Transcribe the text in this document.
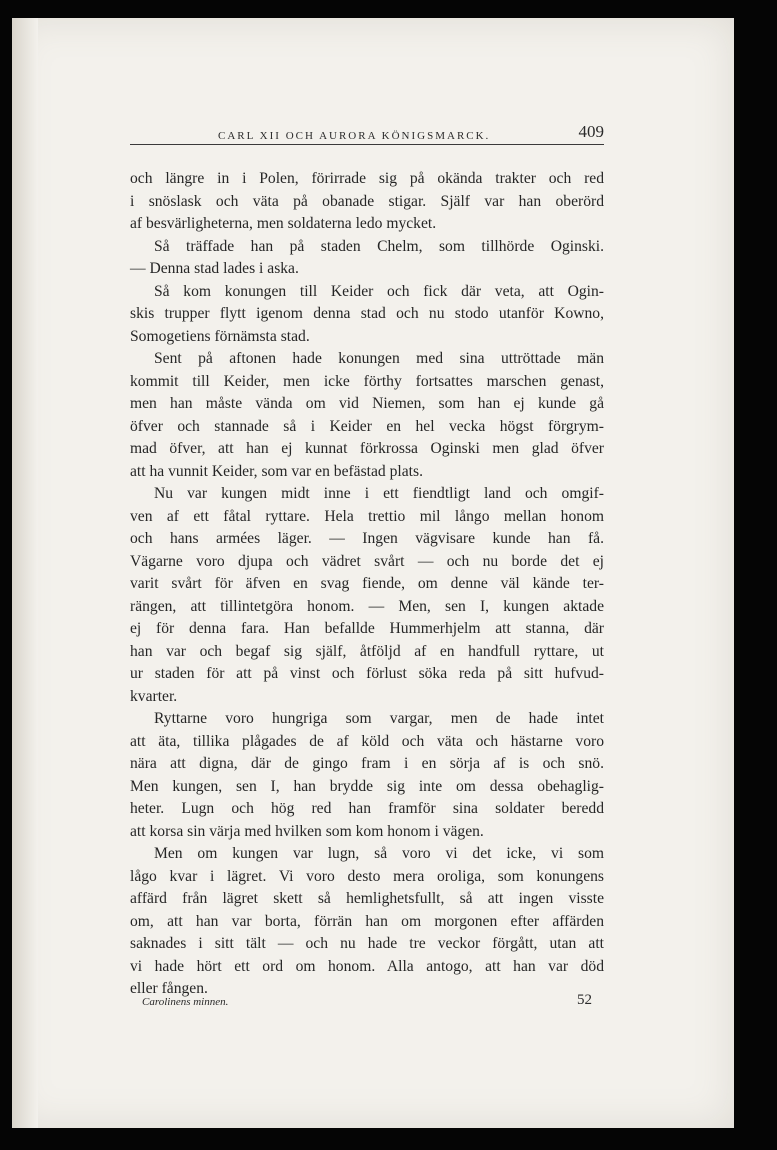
CARL XII OCH AURORA KÖNIGSMARCK.	409
och längre in i Polen, förirrade sig på okända trakter och red
i snöslask och väta på obanade stigar. Själf var han oberörd
af besvärligheterna, men soldaterna ledo mycket.
Så träffade han på staden Chelm, som tillhörde Oginski.
— Denna stad lades i aska.
Så kom konungen till Keider och fick där veta, att Ogin-
skis trupper flytt igenom denna stad och nu stodo utanför Kowno,
Somogetiens förnämsta stad.
Sent på aftonen hade konungen med sina uttröttade män
kommit till Keider, men icke förthy fortsattes marschen genast,
men han måste vända om vid Niemen, som han ej kunde gå
öfver och stannade så i Keider en hel vecka högst förgrym-
mad öfver, att han ej kunnat förkrossa Oginski men glad öfver
att ha vunnit Keider, som var en befästad plats.
Nu var kungen midt inne i ett fiendtligt land och omgif-
ven af ett fåtal ryttare. Hela trettio mil långo mellan honom
och hans armées läger. — Ingen vägvisare kunde han få.
Vägarne voro djupa och vädret svårt — och nu borde det ej
varit svårt för äfven en svag fiende, om denne väl kände ter-
rängen, att tillintetgöra honom. — Men, sen I, kungen aktade
ej för denna fara. Han befallde Hummerhjelm att stanna, där
han var och begaf sig själf, åtföljd af en handfull ryttare, ut
ur staden för att på vinst och förlust söka reda på sitt hufvud-
kvarter.
Ryttarne voro hungriga som vargar, men de hade intet
att äta, tillika plågades de af köld och väta och hästarne voro
nära att digna, där de gingo fram i en sörja af is och snö.
Men kungen, sen I, han brydde sig inte om dessa obehaglig-
heter. Lugn och hög red han framför sina soldater beredd
att korsa sin värja med hvilken som kom honom i vägen.
Men om kungen var lugn, så voro vi det icke, vi som
lågo kvar i lägret. Vi voro desto mera oroliga, som konungens
affärd från lägret skett så hemlighetsfullt, så att ingen visste
om, att han var borta, förrän han om morgonen efter affärden
saknades i sitt tält — och nu hade tre veckor förgått, utan att
vi hade hört ett ord om honom. Alla antogo, att han var död
eller fången.
Carolinens minnen.	52
